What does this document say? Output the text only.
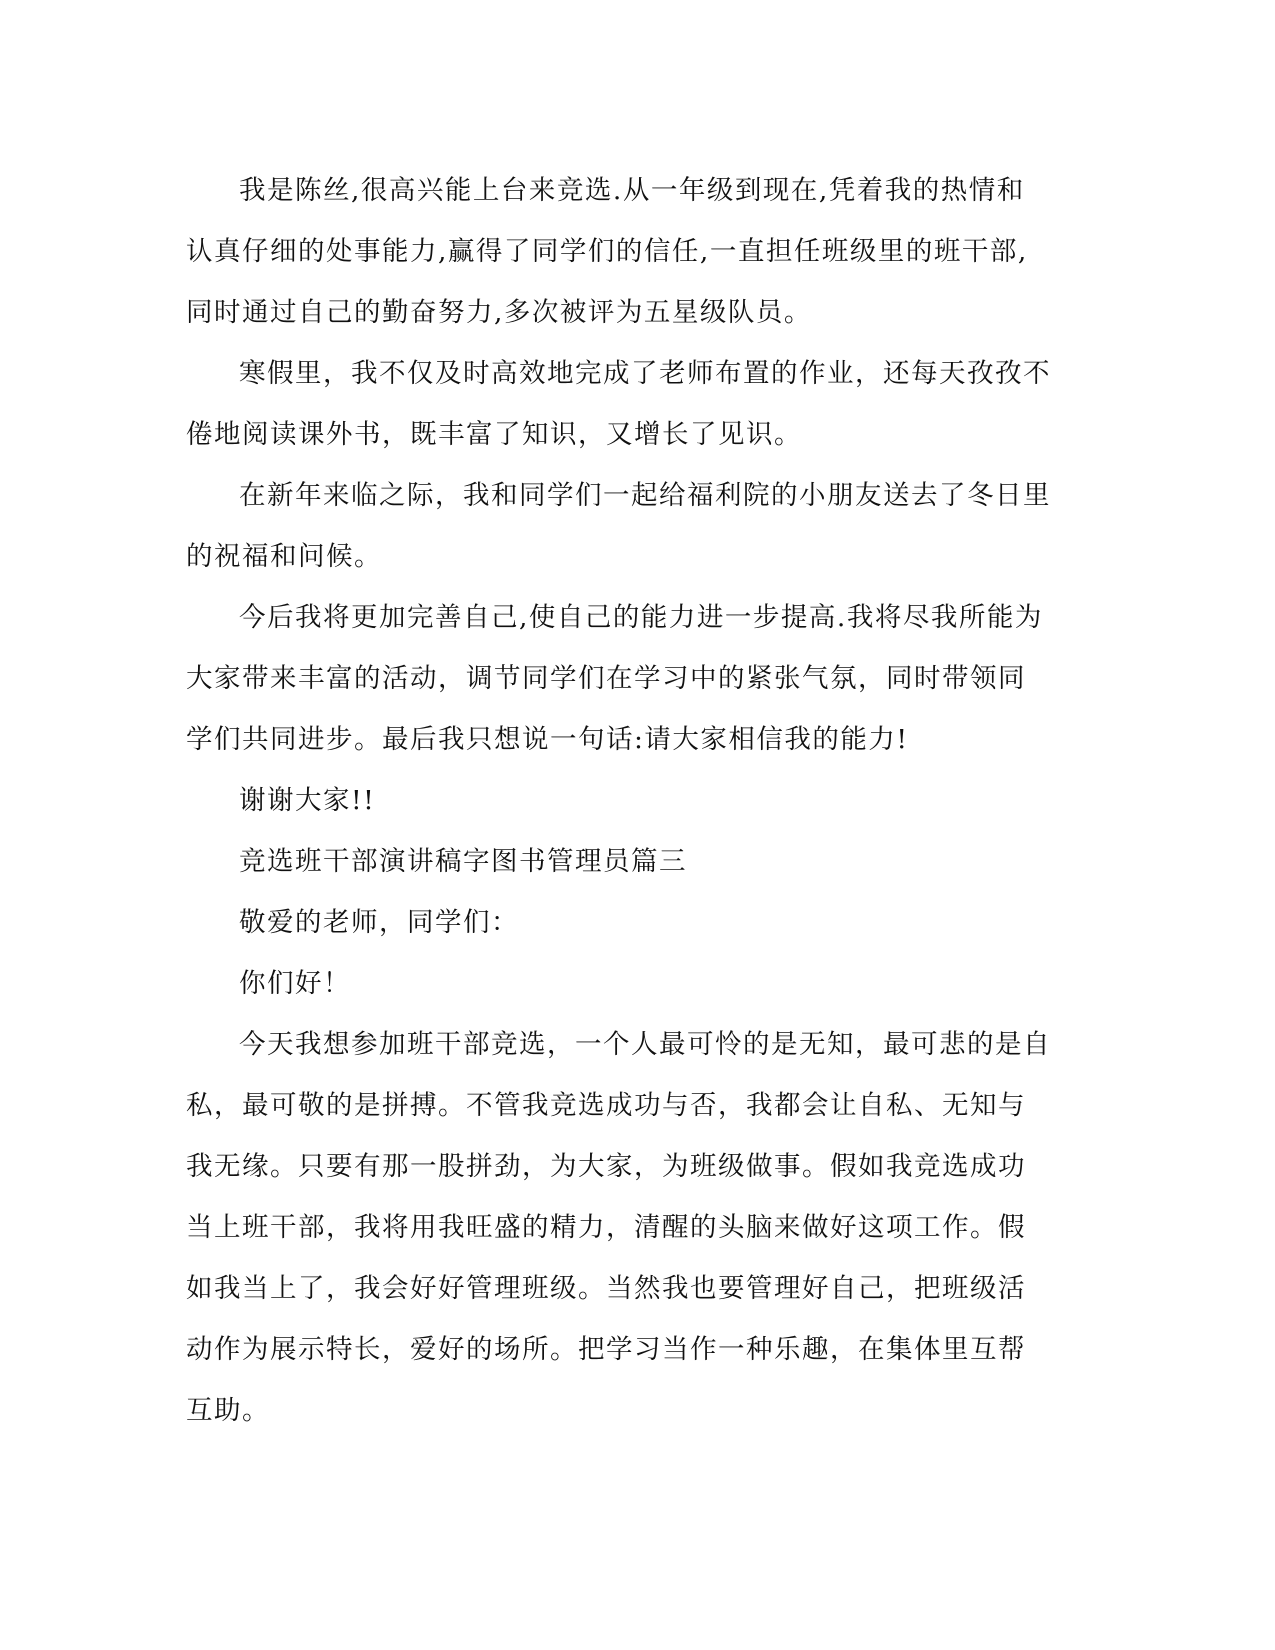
我是陈丝,很高兴能上台来竞选.从一年级到现在,凭着我的热情和认真仔细的处事能力,赢得了同学们的信任,一直担任班级里的班干部,同时通过自己的勤奋努力,多次被评为五星级队员。

寒假里，我不仅及时高效地完成了老师布置的作业，还每天孜孜不倦地阅读课外书，既丰富了知识，又增长了见识。

在新年来临之际，我和同学们一起给福利院的小朋友送去了冬日里的祝福和问候。

今后我将更加完善自己,使自己的能力进一步提高.我将尽我所能为大家带来丰富的活动，调节同学们在学习中的紧张气氛，同时带领同学们共同进步。最后我只想说一句话:请大家相信我的能力!

谢谢大家!!

竞选班干部演讲稿字图书管理员篇三

敬爱的老师，同学们：

你们好！

今天我想参加班干部竞选，一个人最可怜的是无知，最可悲的是自私，最可敬的是拼搏。不管我竞选成功与否，我都会让自私、无知与我无缘。只要有那一股拼劲，为大家，为班级做事。假如我竞选成功当上班干部，我将用我旺盛的精力，清醒的头脑来做好这项工作。假如我当上了，我会好好管理班级。当然我也要管理好自己，把班级活动作为展示特长，爱好的场所。把学习当作一种乐趣，在集体里互帮互助。
